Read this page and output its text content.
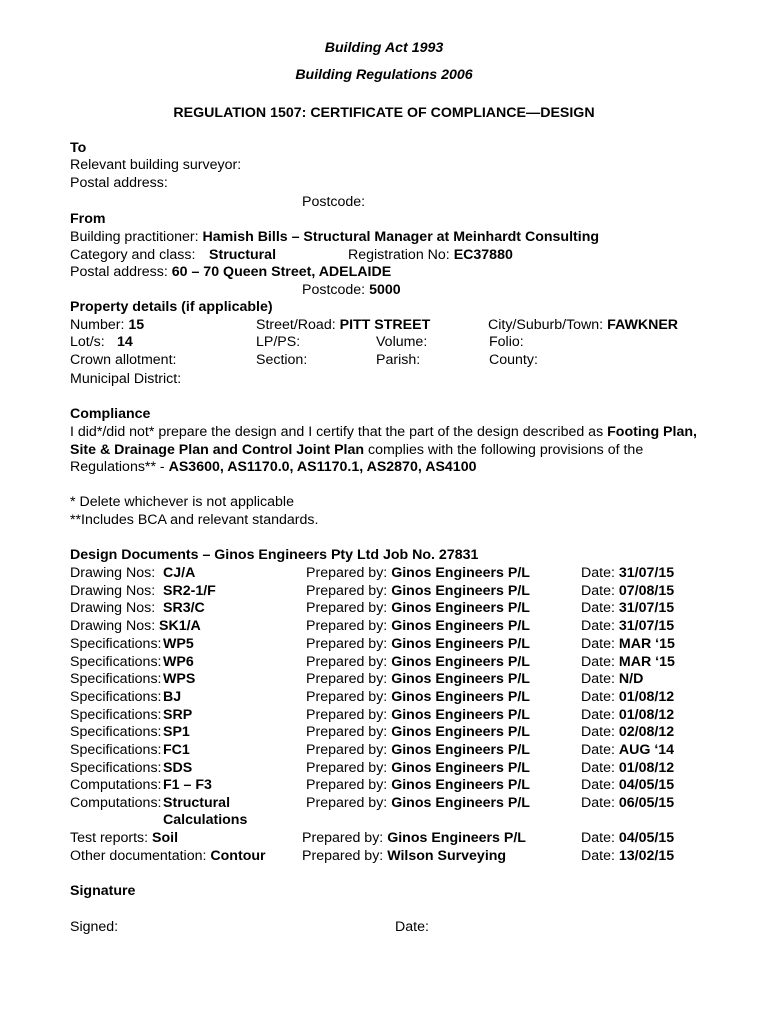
Building Act 1993
Building Regulations 2006
REGULATION 1507: CERTIFICATE OF COMPLIANCE—DESIGN
To
Relevant building surveyor:
Postal address:
Postcode:
From
Building practitioner: Hamish Bills – Structural Manager at Meinhardt Consulting
Category and class: Structural	Registration No: EC37880
Postal address: 60 – 70 Queen Street, ADELAIDE
Postcode: 5000
Property details (if applicable)
Number: 15	Street/Road: PITT STREET	City/Suburb/Town: FAWKNER
Lot/s: 14	LP/PS:	Volume:	Folio:
Crown allotment:	Section:	Parish:	County:
Municipal District:
Compliance
I did*/did not* prepare the design and I certify that the part of the design described as Footing Plan,
Site & Drainage Plan and Control Joint Plan complies with the following provisions of the
Regulations** - AS3600, AS1170.0, AS1170.1, AS2870, AS4100
* Delete whichever is not applicable
**Includes BCA and relevant standards.
Design Documents – Ginos Engineers Pty Ltd Job No. 27831
Drawing Nos: CJ/A	Prepared by: Ginos Engineers P/L	Date: 31/07/15
Drawing Nos: SR2-1/F	Prepared by: Ginos Engineers P/L	Date: 07/08/15
Drawing Nos: SR3/C	Prepared by: Ginos Engineers P/L	Date: 31/07/15
Drawing Nos: SK1/A	Prepared by: Ginos Engineers P/L	Date: 31/07/15
Specifications: WP5	Prepared by: Ginos Engineers P/L	Date: MAR ‘15
Specifications: WP6	Prepared by: Ginos Engineers P/L	Date: MAR ‘15
Specifications: WPS	Prepared by: Ginos Engineers P/L	Date: N/D
Specifications: BJ	Prepared by: Ginos Engineers P/L	Date: 01/08/12
Specifications: SRP	Prepared by: Ginos Engineers P/L	Date: 01/08/12
Specifications: SP1	Prepared by: Ginos Engineers P/L	Date: 02/08/12
Specifications: FC1	Prepared by: Ginos Engineers P/L	Date: AUG ‘14
Specifications: SDS	Prepared by: Ginos Engineers P/L	Date: 01/08/12
Computations: F1 – F3	Prepared by: Ginos Engineers P/L	Date: 04/05/15
Computations: Structural	Prepared by: Ginos Engineers P/L	Date: 06/05/15
Calculations
Test reports: Soil	Prepared by: Ginos Engineers P/L	Date: 04/05/15
Other documentation: Contour	Prepared by: Wilson Surveying	Date: 13/02/15
Signature
Signed:	Date:
